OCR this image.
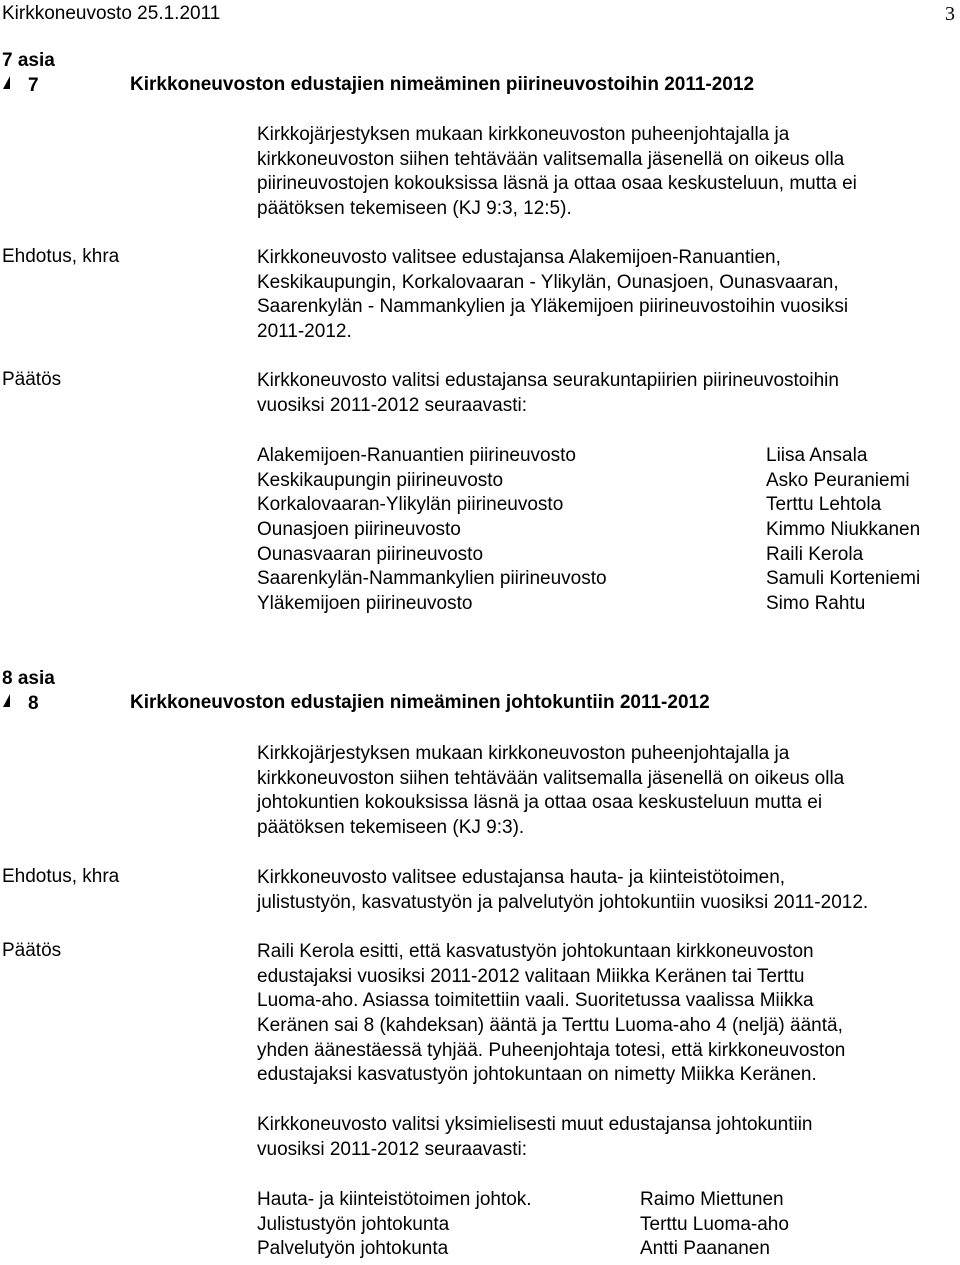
Kirkkoneuvosto 25.1.2011	3
7 asia
7	Kirkkoneuvoston edustajien nimeäminen piirineuvostoihin 2011-2012
Kirkkojärjestyksen mukaan kirkkoneuvoston puheenjohtajalla ja
kirkkoneuvoston siihen tehtävään valitsemalla jäsenellä on oikeus olla
piirineuvostojen kokouksissa läsnä ja ottaa osaa keskusteluun, mutta ei
päätöksen tekemiseen (KJ 9:3, 12:5).
Ehdotus, khra	Kirkkoneuvosto valitsee edustajansa Alakemijoen-Ranuantien,
Keskikaupungin, Korkalovaaran - Ylikylän, Ounasjoen, Ounasvaaran,
Saarenkylän - Nammankylien ja Yläkemijoen piirineuvostoihin vuosiksi
2011-2012.
Päätös	Kirkkoneuvosto valitsi edustajansa seurakuntapiirien piirineuvostoihin
vuosiksi 2011-2012 seuraavasti:
Alakemijoen-Ranuantien piirineuvosto	Liisa Ansala
Keskikaupungin piirineuvosto	Asko Peuraniemi
Korkalovaaran-Ylikylän piirineuvosto	Terttu Lehtola
Ounasjoen piirineuvosto	Kimmo Niukkanen
Ounasvaaran piirineuvosto	Raili Kerola
Saarenkylän-Nammankylien piirineuvosto	Samuli Korteniemi
Yläkemijoen piirineuvosto	Simo Rahtu
8 asia
8	Kirkkoneuvoston edustajien nimeäminen johtokuntiin 2011-2012
Kirkkojärjestyksen mukaan kirkkoneuvoston puheenjohtajalla ja
kirkkoneuvoston siihen tehtävään valitsemalla jäsenellä on oikeus olla
johtokuntien kokouksissa läsnä ja ottaa osaa keskusteluun mutta ei
päätöksen tekemiseen (KJ 9:3).
Ehdotus, khra	Kirkkoneuvosto valitsee edustajansa hauta- ja kiinteistötoimen,
julistustyön, kasvatustyön ja palvelutyön johtokuntiin vuosiksi 2011-2012.
Päätös	Raili Kerola esitti, että kasvatustyön johtokuntaan kirkkoneuvoston
edustajaksi vuosiksi 2011-2012 valitaan Miikka Keränen tai Terttu
Luoma-aho. Asiassa toimitettiin vaali. Suoritetussa vaalissa Miikka
Keränen sai 8 (kahdeksan) ääntä ja Terttu Luoma-aho 4 (neljä) ääntä,
yhden äänestäessä tyhjää. Puheenjohtaja totesi, että kirkkoneuvoston
edustajaksi kasvatustyön johtokuntaan on nimetty Miikka Keränen.
Kirkkoneuvosto valitsi yksimielisesti muut edustajansa johtokuntiin
vuosiksi 2011-2012 seuraavasti:
Hauta- ja kiinteistötoimen johtok.	Raimo Miettunen
Julistustyön johtokunta	Terttu Luoma-aho
Palvelutyön johtokunta	Antti Paananen
